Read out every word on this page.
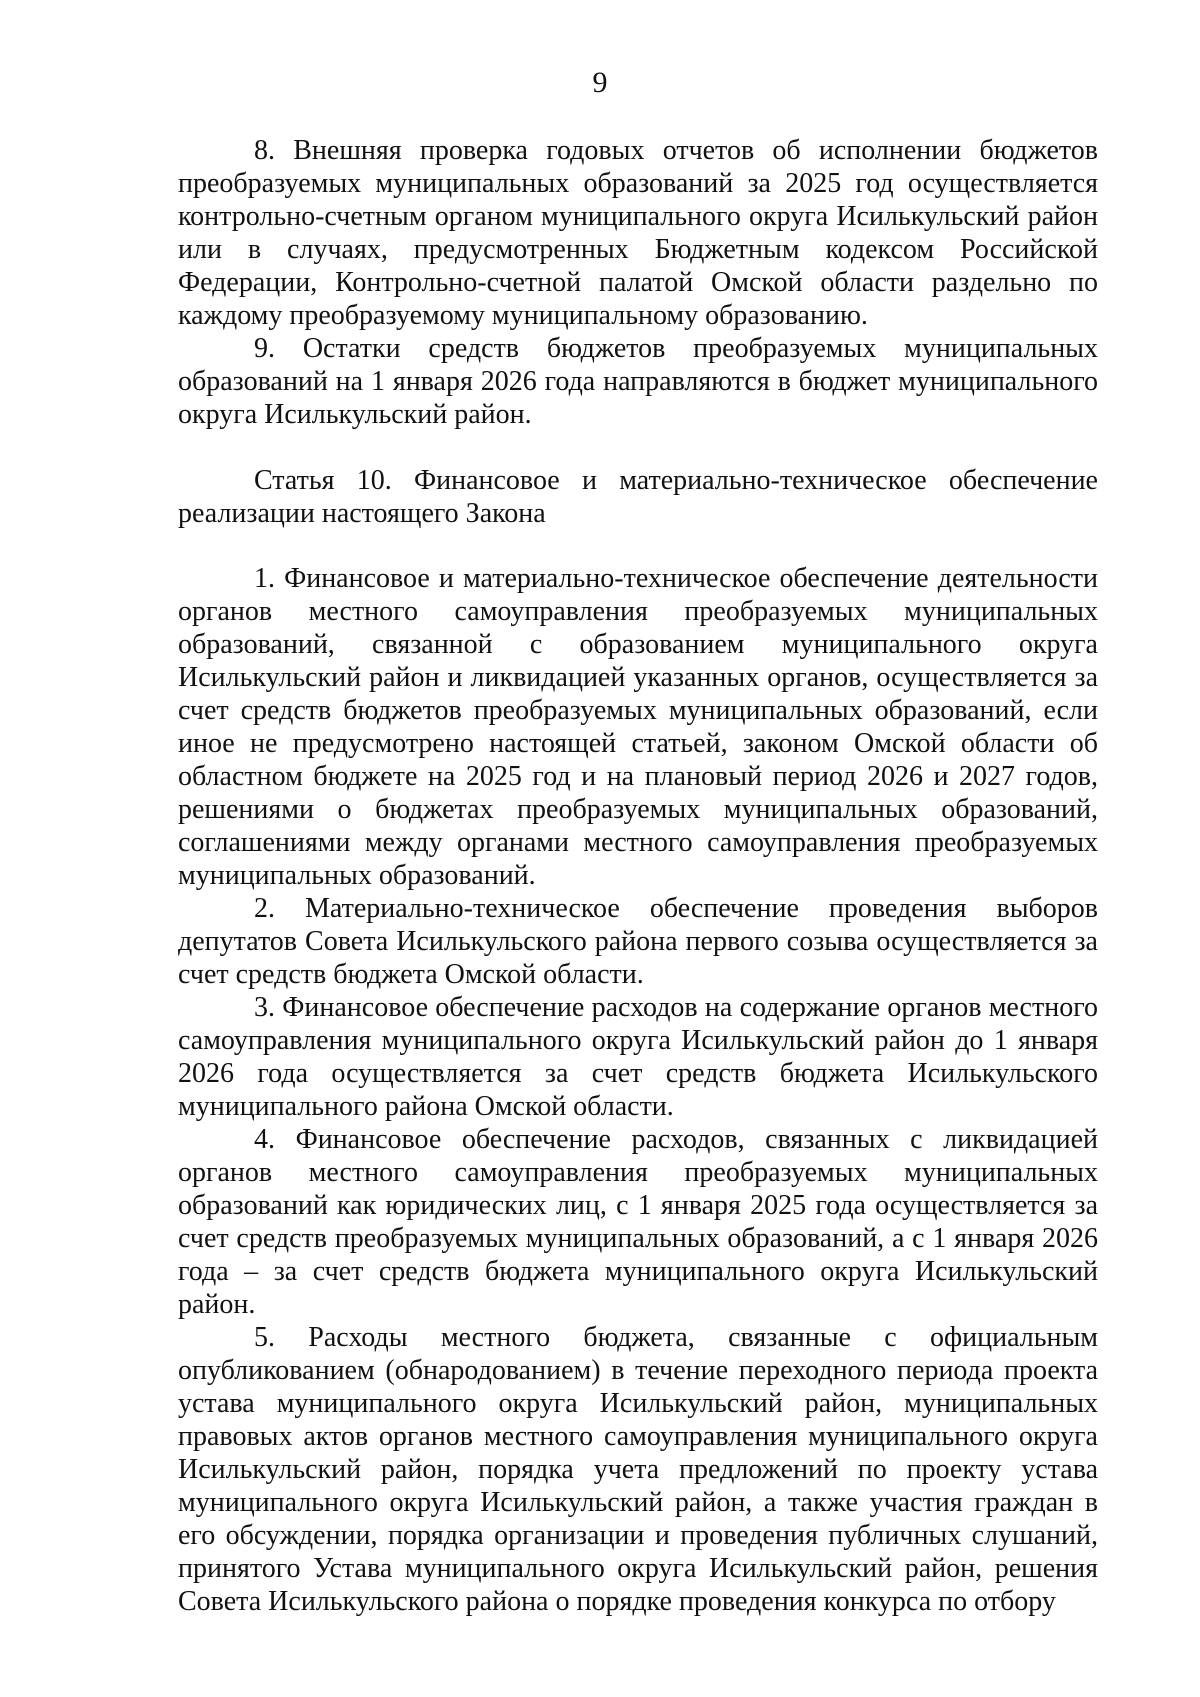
9

8. Внешняя проверка годовых отчетов об исполнении бюджетов преобразуемых муниципальных образований за 2025 год осуществляется контрольно-счетным органом муниципального округа Исилькульский район или в случаях, предусмотренных Бюджетным кодексом Российской Федерации, Контрольно-счетной палатой Омской области раздельно по каждому преобразуемому муниципальному образованию.

9. Остатки средств бюджетов преобразуемых муниципальных образований на 1 января 2026 года направляются в бюджет муниципального округа Исилькульский район.

Статья 10. Финансовое и материально-техническое обеспечение реализации настоящего Закона

1. Финансовое и материально-техническое обеспечение деятельности органов местного самоуправления преобразуемых муниципальных образований, связанной с образованием муниципального округа Исилькульский район и ликвидацией указанных органов, осуществляется за счет средств бюджетов преобразуемых муниципальных образований, если иное не предусмотрено настоящей статьей, законом Омской области об областном бюджете на 2025 год и на плановый период 2026 и 2027 годов, решениями о бюджетах преобразуемых муниципальных образований, соглашениями между органами местного самоуправления преобразуемых муниципальных образований.

2. Материально-техническое обеспечение проведения выборов депутатов Совета Исилькульского района первого созыва осуществляется за счет средств бюджета Омской области.

3. Финансовое обеспечение расходов на содержание органов местного самоуправления муниципального округа Исилькульский район до 1 января 2026 года осуществляется за счет средств бюджета Исилькульского муниципального района Омской области.

4. Финансовое обеспечение расходов, связанных с ликвидацией органов местного самоуправления преобразуемых муниципальных образований как юридических лиц, с 1 января 2025 года осуществляется за счет средств преобразуемых муниципальных образований, а с 1 января 2026 года – за счет средств бюджета муниципального округа Исилькульский район.

5. Расходы местного бюджета, связанные с официальным опубликованием (обнародованием) в течение переходного периода проекта устава муниципального округа Исилькульский район, муниципальных правовых актов органов местного самоуправления муниципального округа Исилькульский район, порядка учета предложений по проекту устава муниципального округа Исилькульский район, а также участия граждан в его обсуждении, порядка организации и проведения публичных слушаний, принятого Устава муниципального округа Исилькульский район, решения Совета Исилькульского района о порядке проведения конкурса по отбору
